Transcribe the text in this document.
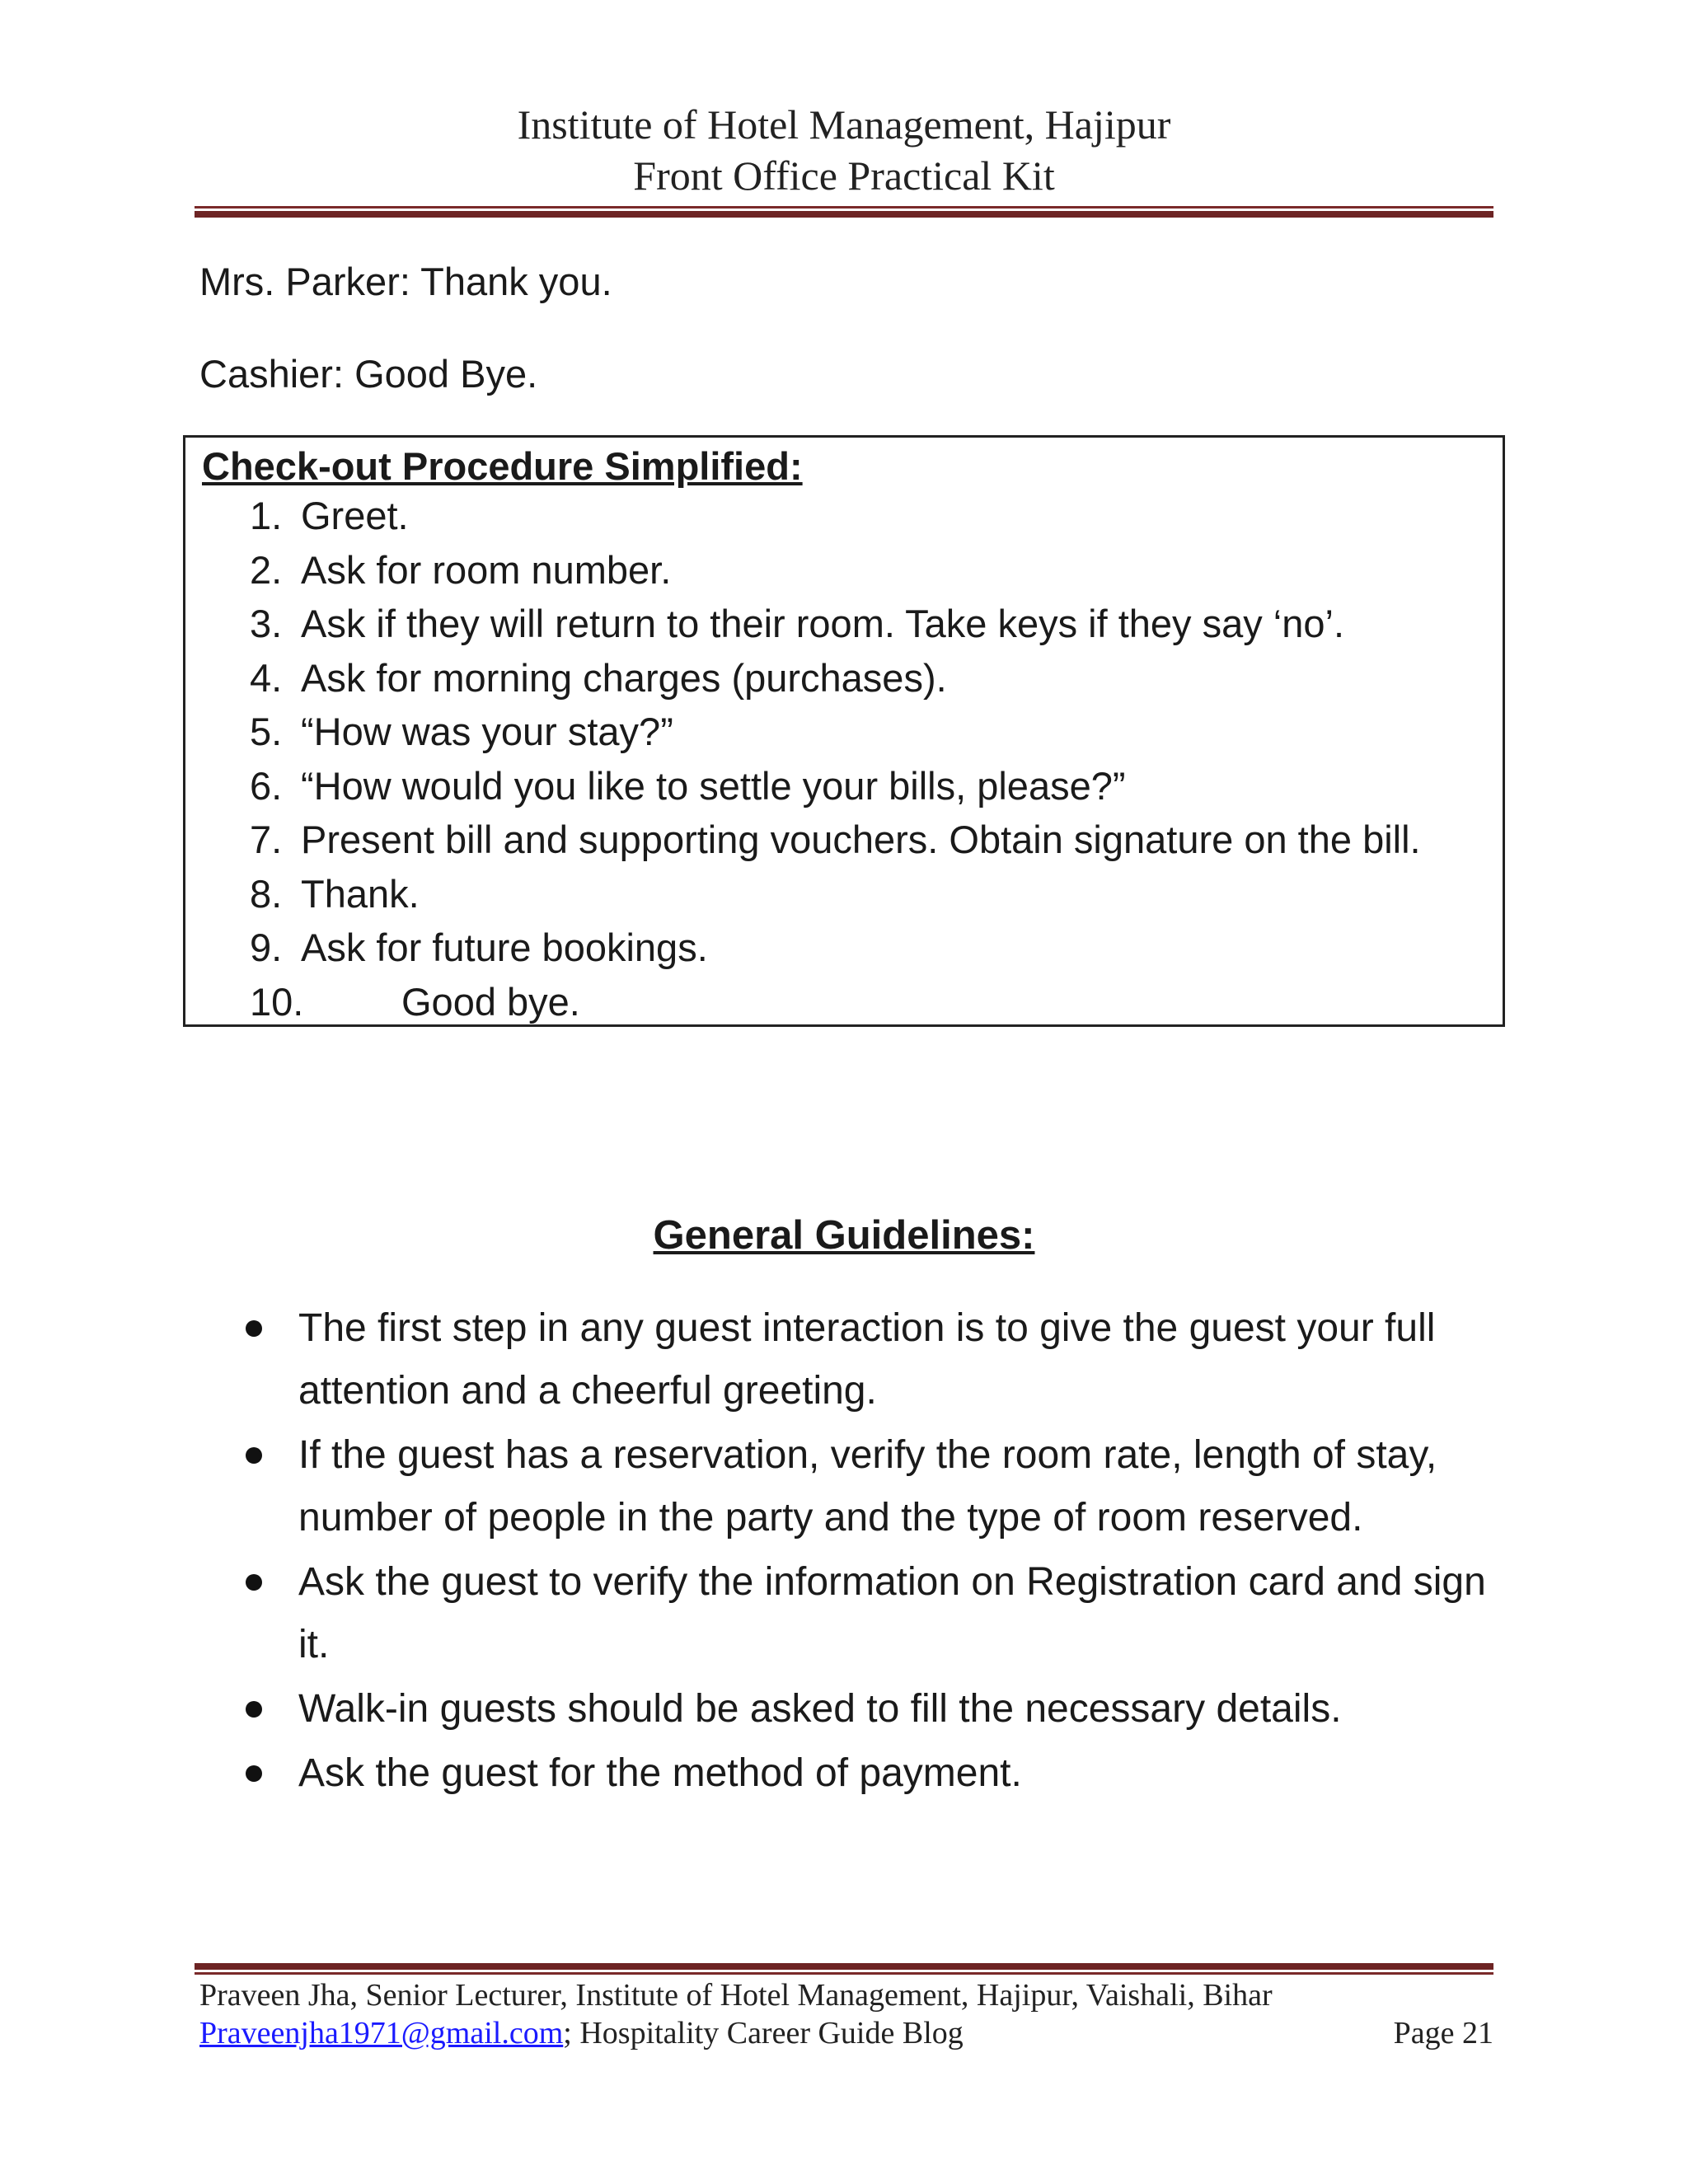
Institute of Hotel Management, Hajipur
Front Office Practical Kit
Mrs. Parker: Thank you.
Cashier: Good Bye.
Check-out Procedure Simplified:
1. Greet.
2. Ask for room number.
3. Ask if they will return to their room. Take keys if they say ‘no’.
4. Ask for morning charges (purchases).
5. “How was your stay?”
6. “How would you like to settle your bills, please?”
7. Present bill and supporting vouchers. Obtain signature on the bill.
8. Thank.
9. Ask for future bookings.
10.	Good bye.
General Guidelines:
The first step in any guest interaction is to give the guest your full attention and a cheerful greeting.
If the guest has a reservation, verify the room rate, length of stay, number of people in the party and the type of room reserved.
Ask the guest to verify the information on Registration card and sign it.
Walk-in guests should be asked to fill the necessary details.
Ask the guest for the method of payment.
Praveen Jha, Senior Lecturer, Institute of Hotel Management, Hajipur, Vaishali, Bihar
Praveenjha1971@gmail.com; Hospitality Career Guide Blog	Page 21
